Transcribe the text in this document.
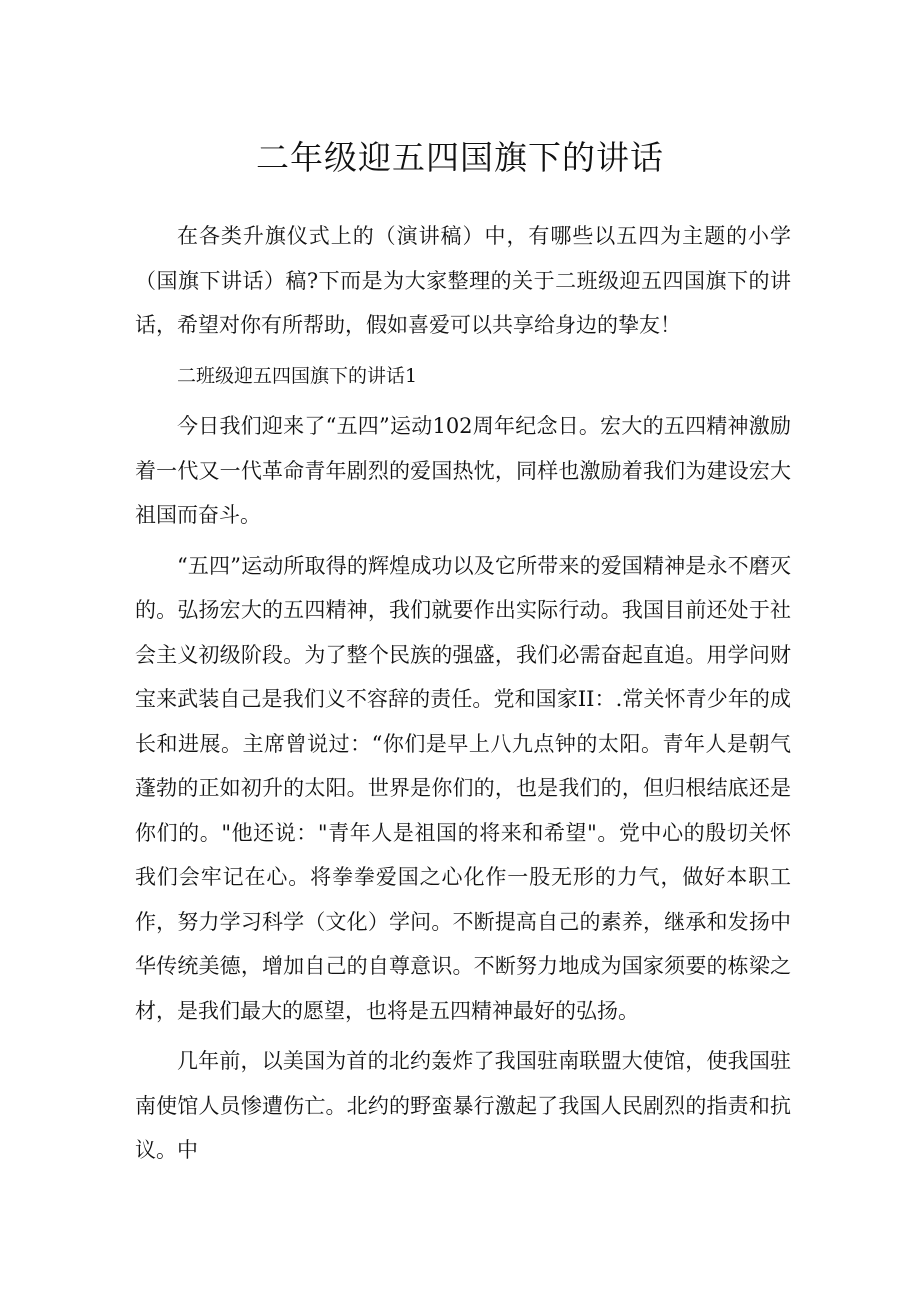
二年级迎五四国旗下的讲话

在各类升旗仪式上的（演讲稿）中，有哪些以五四为主题的小学（国旗下讲话）稿?下而是为大家整理的关于二班级迎五四国旗下的讲话，希望对你有所帮助，假如喜爱可以共享给身边的挚友！

二班级迎五四国旗下的讲话1

今日我们迎来了“五四”运动102周年纪念日。宏大的五四精神激励着一代又一代革命青年剧烈的爱国热忱，同样也激励着我们为建设宏大祖国而奋斗。

“五四”运动所取得的辉煌成功以及它所带来的爱国精神是永不磨灭的。弘扬宏大的五四精神，我们就要作出实际行动。我国目前还处于社会主义初级阶段。为了整个民族的强盛，我们必需奋起直追。用学问财宝来武装自己是我们义不容辞的责任。党和国家II：.常关怀青少年的成长和进展。主席曾说过：“你们是早上八九点钟的太阳。青年人是朝气蓬勃的正如初升的太阳。世界是你们的，也是我们的，但归根结底还是你们的。"他还说："青年人是祖国的将来和希望"。党中心的殷切关怀我们会牢记在心。将拳拳爱国之心化作一股无形的力气，做好本职工作，努力学习科学（文化）学问。不断提高自己的素养，继承和发扬中华传统美德，增加自己的自尊意识。不断努力地成为国家须要的栋梁之材，是我们最大的愿望，也将是五四精神最好的弘扬。

几年前，以美国为首的北约轰炸了我国驻南联盟大使馆，使我国驻南使馆人员惨遭伤亡。北约的野蛮暴行激起了我国人民剧烈的指责和抗议。中
